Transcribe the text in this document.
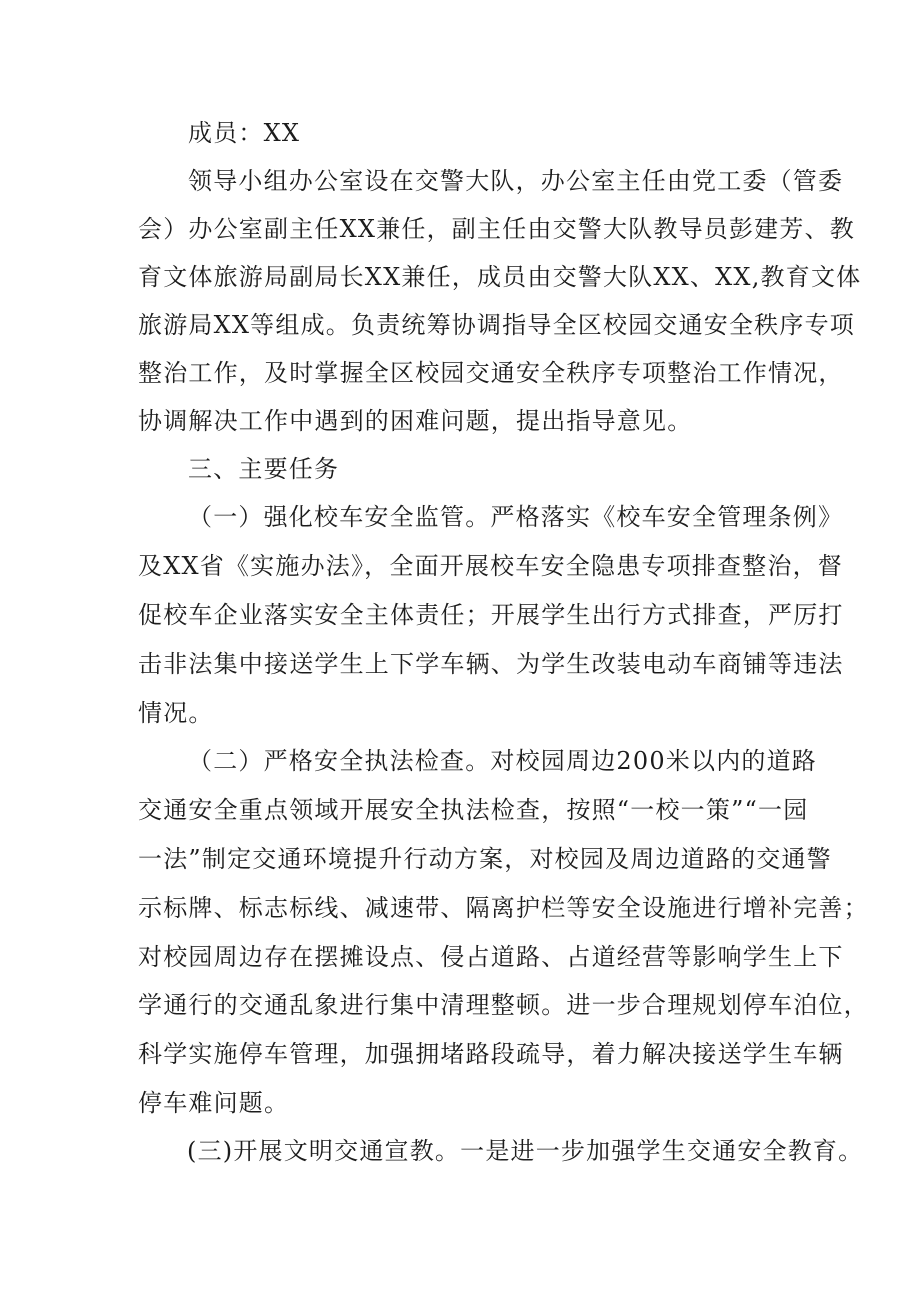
成员：XX
领导小组办公室设在交警大队，办公室主任由党工委（管委
会）办公室副主任XX兼任，副主任由交警大队教导员彭建芳、教
育文体旅游局副局长XX兼任，成员由交警大队XX、XX,教育文体
旅游局XX等组成。负责统筹协调指导全区校园交通安全秩序专项
整治工作，及时掌握全区校园交通安全秩序专项整治工作情况，
协调解决工作中遇到的困难问题，提出指导意见。
三、主要任务
（一）强化校车安全监管。严格落实《校车安全管理条例》
及XX省《实施办法》，全面开展校车安全隐患专项排查整治，督
促校车企业落实安全主体责任；开展学生出行方式排查，严厉打
击非法集中接送学生上下学车辆、为学生改装电动车商铺等违法
情况。
（二）严格安全执法检查。对校园周边200米以内的道路
交通安全重点领域开展安全执法检查，按照“一校一策”“一园
一法”制定交通环境提升行动方案，对校园及周边道路的交通警
示标牌、标志标线、减速带、隔离护栏等安全设施进行增补完善；
对校园周边存在摆摊设点、侵占道路、占道经营等影响学生上下
学通行的交通乱象进行集中清理整顿。进一步合理规划停车泊位，
科学实施停车管理，加强拥堵路段疏导，着力解决接送学生车辆
停车难问题。
(三)开展文明交通宣教。一是进一步加强学生交通安全教育。
